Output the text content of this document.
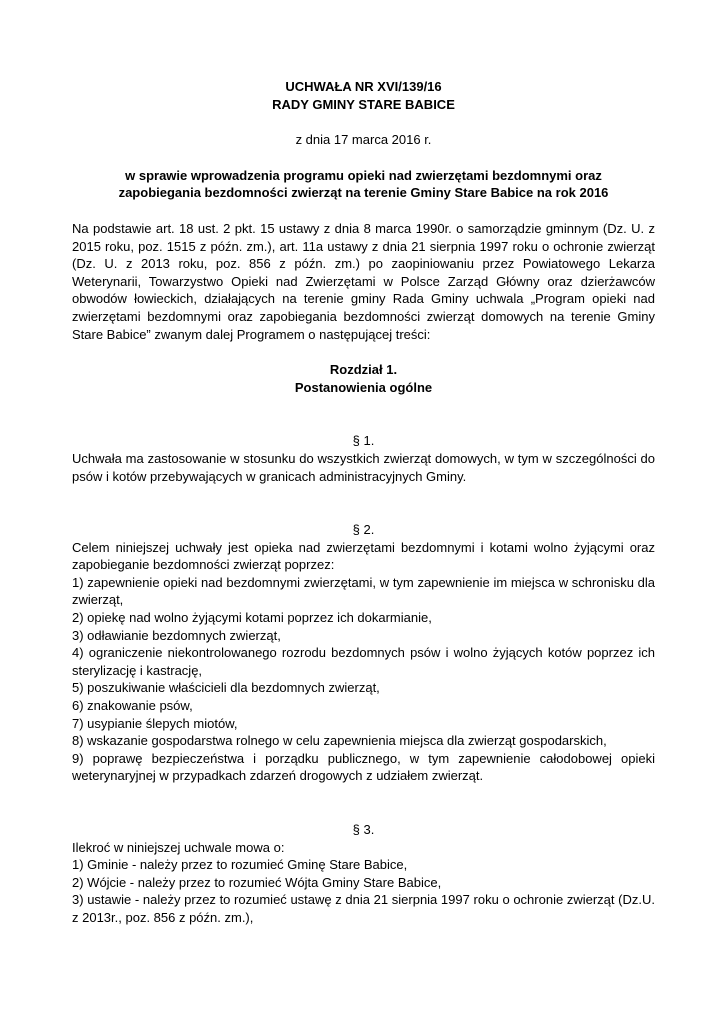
UCHWAŁA NR XVI/139/16

RADY GMINY STARE BABICE

z dnia 17 marca 2016 r.

w sprawie wprowadzenia programu opieki nad zwierzętami bezdomnymi oraz

zapobiegania bezdomności zwierząt na terenie Gminy Stare Babice na rok 2016

Na podstawie art. 18 ust. 2 pkt. 15 ustawy z dnia 8 marca 1990r. o samorządzie gminnym (Dz. U. z 2015 roku, poz. 1515 z późn. zm.), art. 11a ustawy z dnia 21 sierpnia 1997 roku o ochronie zwierząt (Dz. U. z 2013 roku, poz. 856 z późn. zm.) po zaopiniowaniu przez Powiatowego Lekarza Weterynarii, Towarzystwo Opieki nad Zwierzętami w Polsce Zarząd Główny oraz dzierżawców obwodów łowieckich, działających na terenie gminy Rada Gminy uchwala „Program opieki nad zwierzętami bezdomnymi oraz zapobiegania bezdomności zwierząt domowych na terenie Gminy Stare Babice” zwanym dalej Programem o następującej treści:

Rozdział 1.

Postanowienia ogólne

§ 1.

Uchwała ma zastosowanie w stosunku do wszystkich zwierząt domowych, w tym w szczególności do psów i kotów przebywających w granicach administracyjnych Gminy.

§ 2.

Celem niniejszej uchwały jest opieka nad zwierzętami bezdomnymi i kotami wolno żyjącymi oraz zapobieganie bezdomności zwierząt poprzez:

1) zapewnienie opieki nad bezdomnymi zwierzętami, w tym zapewnienie im miejsca w schronisku dla zwierząt,

2) opiekę nad wolno żyjącymi kotami poprzez ich dokarmianie,

3) odławianie bezdomnych zwierząt,

4) ograniczenie niekontrolowanego rozrodu bezdomnych psów i wolno żyjących kotów poprzez ich sterylizację i kastrację,

5) poszukiwanie właścicieli dla bezdomnych zwierząt,

6) znakowanie psów,

7) usypianie ślepych miotów,

8) wskazanie gospodarstwa rolnego w celu zapewnienia miejsca dla zwierząt gospodarskich,

9) poprawę bezpieczeństwa i porządku publicznego, w tym zapewnienie całodobowej opieki weterynaryjnej w przypadkach zdarzeń drogowych z udziałem zwierząt.

§ 3.

Ilekroć w niniejszej uchwale mowa o:

1) Gminie - należy przez to rozumieć Gminę Stare Babice,

2) Wójcie - należy przez to rozumieć Wójta Gminy Stare Babice,

3) ustawie - należy przez to rozumieć ustawę z dnia 21 sierpnia 1997 roku o ochronie zwierząt (Dz.U. z 2013r., poz. 856 z późn. zm.),
